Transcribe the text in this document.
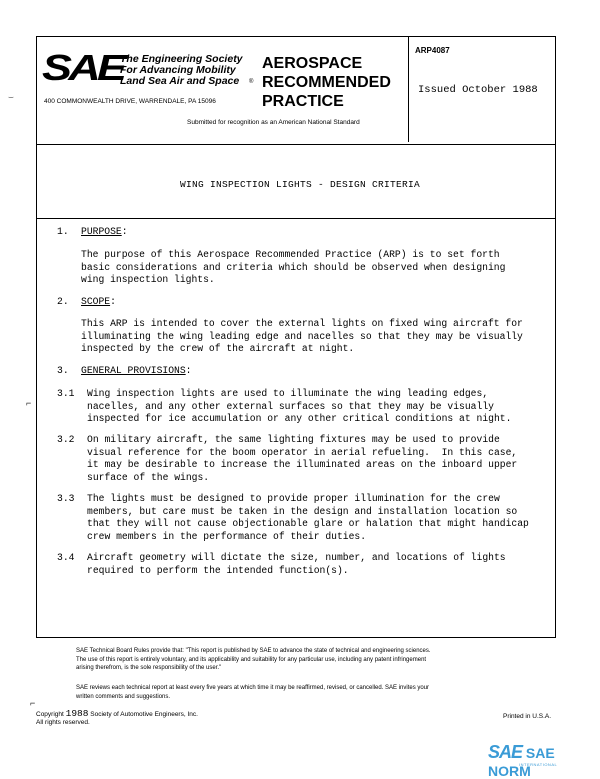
SAE
The Engineering Society
For Advancing Mobility
Land Sea Air and Space	®
400 COMMONWEALTH DRIVE, WARRENDALE, PA 15096
AEROSPACE
RECOMMENDED
PRACTICE
ARP4087
Issued October 1988
Submitted for recognition as an American National Standard
WING INSPECTION LIGHTS - DESIGN CRITERIA
1. PURPOSE:
The purpose of this Aerospace Recommended Practice (ARP) is to set forth
basic considerations and criteria which should be observed when designing
wing inspection lights.
2. SCOPE:
This ARP is intended to cover the external lights on fixed wing aircraft for
illuminating the wing leading edge and nacelles so that they may be visually
inspected by the crew of the aircraft at night.
3. GENERAL PROVISIONS:
3.1 Wing inspection lights are used to illuminate the wing leading edges,
nacelles, and any other external surfaces so that they may be visually
inspected for ice accumulation or any other critical conditions at night.
3.2 On military aircraft, the same lighting fixtures may be used to provide
visual reference for the boom operator in aerial refueling.  In this case,
it may be desirable to increase the illuminated areas on the inboard upper
surface of the wings.
3.3 The lights must be designed to provide proper illumination for the crew
members, but care must be taken in the design and installation location so
that they will not cause objectionable glare or halation that might handicap
crew members in the performance of their duties.
3.4 Aircraft geometry will dictate the size, number, and locations of lights
required to perform the intended function(s).
SAE Technical Board Rules provide that: "This report is published by SAE to advance the state of technical and engineering sciences.
The use of this report is entirely voluntary, and its applicability and suitability for any particular use, including any patent infringement
arising therefrom, is the sole responsibility of the user."
SAE reviews each technical report at least every five years at which time it may be reaffirmed, revised, or cancelled. SAE invites your
written comments and suggestions.
Copyright 1988 Society of Automotive Engineers, Inc.
All rights reserved.
Printed in U.S.A.
⌣
⌐
⌐
SAE SAE NORM
INTERNATIONAL
